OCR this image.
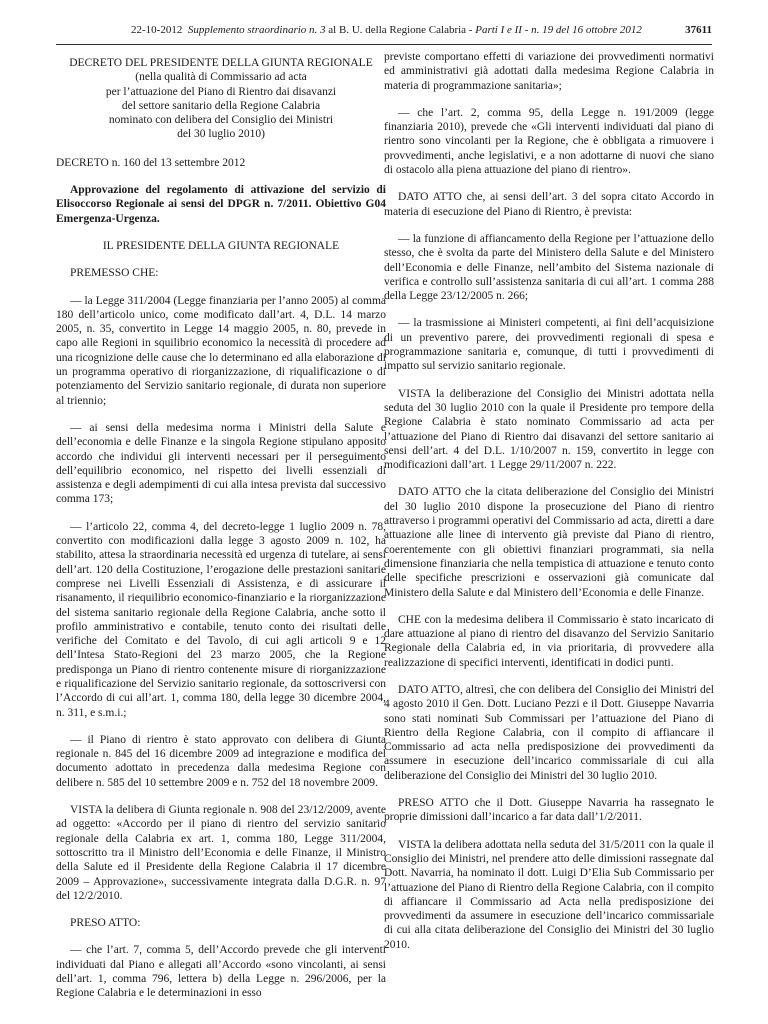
22-10-2012 Supplemento straordinario n. 3 al B. U. della Regione Calabria - Parti I e II - n. 19 del 16 ottobre 2012	37611
DECRETO DEL PRESIDENTE DELLA GIUNTA REGIONALE
(nella qualità di Commissario ad acta
per l’attuazione del Piano di Rientro dai disavanzi
del settore sanitario della Regione Calabria
nominato con delibera del Consiglio dei Ministri
del 30 luglio 2010)

DECRETO n. 160 del 13 settembre 2012

Approvazione del regolamento di attivazione del servizio di Elisoccorso Regionale ai sensi del DPGR n. 7/2011. Obiettivo G04 Emergenza-Urgenza.

IL PRESIDENTE DELLA GIUNTA REGIONALE

PREMESSO CHE:

— la Legge 311/2004 (Legge finanziaria per l’anno 2005) al comma 180 dell’articolo unico, come modificato dall’art. 4, D.L. 14 marzo 2005, n. 35, convertito in Legge 14 maggio 2005, n. 80, prevede in capo alle Regioni in squilibrio economico la necessità di procedere ad una ricognizione delle cause che lo determinano ed alla elaborazione di un programma operativo di riorganizzazione, di riqualificazione o di potenziamento del Servizio sanitario regionale, di durata non superiore al triennio;

— ai sensi della medesima norma i Ministri della Salute e dell’economia e delle Finanze e la singola Regione stipulano apposito accordo che individui gli interventi necessari per il perseguimento dell’equilibrio economico, nel rispetto dei livelli essenziali di assistenza e degli adempimenti di cui alla intesa prevista dal successivo comma 173;

— l’articolo 22, comma 4, del decreto-legge 1 luglio 2009 n. 78, convertito con modificazioni dalla legge 3 agosto 2009 n. 102, ha stabilito, attesa la straordinaria necessità ed urgenza di tutelare, ai sensi dell’art. 120 della Costituzione, l’erogazione delle prestazioni sanitarie comprese nei Livelli Essenziali di Assistenza, e di assicurare il risanamento, il riequilibrio economico-finanziario e la riorganizzazione del sistema sanitario regionale della Regione Calabria, anche sotto il profilo amministrativo e contabile, tenuto conto dei risultati delle verifiche del Comitato e del Tavolo, di cui agli articoli 9 e 12 dell’Intesa Stato-Regioni del 23 marzo 2005, che la Regione predisponga un Piano di rientro contenente misure di riorganizzazione e riqualificazione del Servizio sanitario regionale, da sottoscriversi con l’Accordo di cui all’art. 1, comma 180, della legge 30 dicembre 2004, n. 311, e s.m.i.;

— il Piano di rientro è stato approvato con delibera di Giunta regionale n. 845 del 16 dicembre 2009 ad integrazione e modifica del documento adottato in precedenza dalla medesima Regione con delibere n. 585 del 10 settembre 2009 e n. 752 del 18 novembre 2009.

VISTA la delibera di Giunta regionale n. 908 del 23/12/2009, avente ad oggetto: «Accordo per il piano di rientro del servizio sanitario regionale della Calabria ex art. 1, comma 180, Legge 311/2004, sottoscritto tra il Ministro dell’Economia e delle Finanze, il Ministro della Salute ed il Presidente della Regione Calabria il 17 dicembre 2009 – Approvazione», successivamente integrata dalla D.G.R. n. 97 del 12/2/2010.

PRESO ATTO:

— che l’art. 7, comma 5, dell’Accordo prevede che gli interventi individuati dal Piano e allegati all’Accordo «sono vincolanti, ai sensi dell’art. 1, comma 796, lettera b) della Legge n. 296/2006, per la Regione Calabria e le determinazioni in esso

previste comportano effetti di variazione dei provvedimenti normativi ed amministrativi già adottati dalla medesima Regione Calabria in materia di programmazione sanitaria»;

— che l’art. 2, comma 95, della Legge n. 191/2009 (legge finanziaria 2010), prevede che «Gli interventi individuati dal piano di rientro sono vincolanti per la Regione, che è obbligata a rimuovere i provvedimenti, anche legislativi, e a non adottarne di nuovi che siano di ostacolo alla piena attuazione del piano di rientro».

DATO ATTO che, ai sensi dell’art. 3 del sopra citato Accordo in materia di esecuzione del Piano di Rientro, è prevista:

— la funzione di affiancamento della Regione per l’attuazione dello stesso, che è svolta da parte del Ministero della Salute e del Ministero dell’Economia e delle Finanze, nell’ambito del Sistema nazionale di verifica e controllo sull’assistenza sanitaria di cui all’art. 1 comma 288 della Legge 23/12/2005 n. 266;

— la trasmissione ai Ministeri competenti, ai fini dell’acquisizione di un preventivo parere, dei provvedimenti regionali di spesa e programmazione sanitaria e, comunque, di tutti i provvedimenti di impatto sul servizio sanitario regionale.

VISTA la deliberazione del Consiglio dei Ministri adottata nella seduta del 30 luglio 2010 con la quale il Presidente pro tempore della Regione Calabria è stato nominato Commissario ad acta per l’attuazione del Piano di Rientro dai disavanzi del settore sanitario ai sensi dell’art. 4 del D.L. 1/10/2007 n. 159, convertito in legge con modificazioni dall’art. 1 Legge 29/11/2007 n. 222.

DATO ATTO che la citata deliberazione del Consiglio dei Ministri del 30 luglio 2010 dispone la prosecuzione del Piano di rientro attraverso i programmi operativi del Commissario ad acta, diretti a dare attuazione alle linee di intervento già previste dal Piano di rientro, coerentemente con gli obiettivi finanziari programmati, sia nella dimensione finanziaria che nella tempistica di attuazione e tenuto conto delle specifiche prescrizioni e osservazioni già comunicate dal Ministero della Salute e dal Ministero dell’Economia e delle Finanze.

CHE con la medesima delibera il Commissario è stato incaricato di dare attuazione al piano di rientro del disavanzo del Servizio Sanitario Regionale della Calabria ed, in via prioritaria, di provvedere alla realizzazione di specifici interventi, identificati in dodici punti.

DATO ATTO, altresì, che con delibera del Consiglio dei Ministri del 4 agosto 2010 il Gen. Dott. Luciano Pezzi e il Dott. Giuseppe Navarria sono stati nominati Sub Commissari per l’attuazione del Piano di Rientro della Regione Calabria, con il compito di affiancare il Commissario ad acta nella predisposizione dei provvedimenti da assumere in esecuzione dell’incarico commissariale di cui alla deliberazione del Consiglio dei Ministri del 30 luglio 2010.

PRESO ATTO che il Dott. Giuseppe Navarria ha rassegnato le proprie dimissioni dall’incarico a far data dall’1/2/2011.

VISTA la delibera adottata nella seduta del 31/5/2011 con la quale il Consiglio dei Ministri, nel prendere atto delle dimissioni rassegnate dal Dott. Navarria, ha nominato il dott. Luigi D’Elia Sub Commissario per l’attuazione del Piano di Rientro della Regione Calabria, con il compito di affiancare il Commissario ad Acta nella predisposizione dei provvedimenti da assumere in esecuzione dell’incarico commissariale di cui alla citata deliberazione del Consiglio dei Ministri del 30 luglio 2010.
